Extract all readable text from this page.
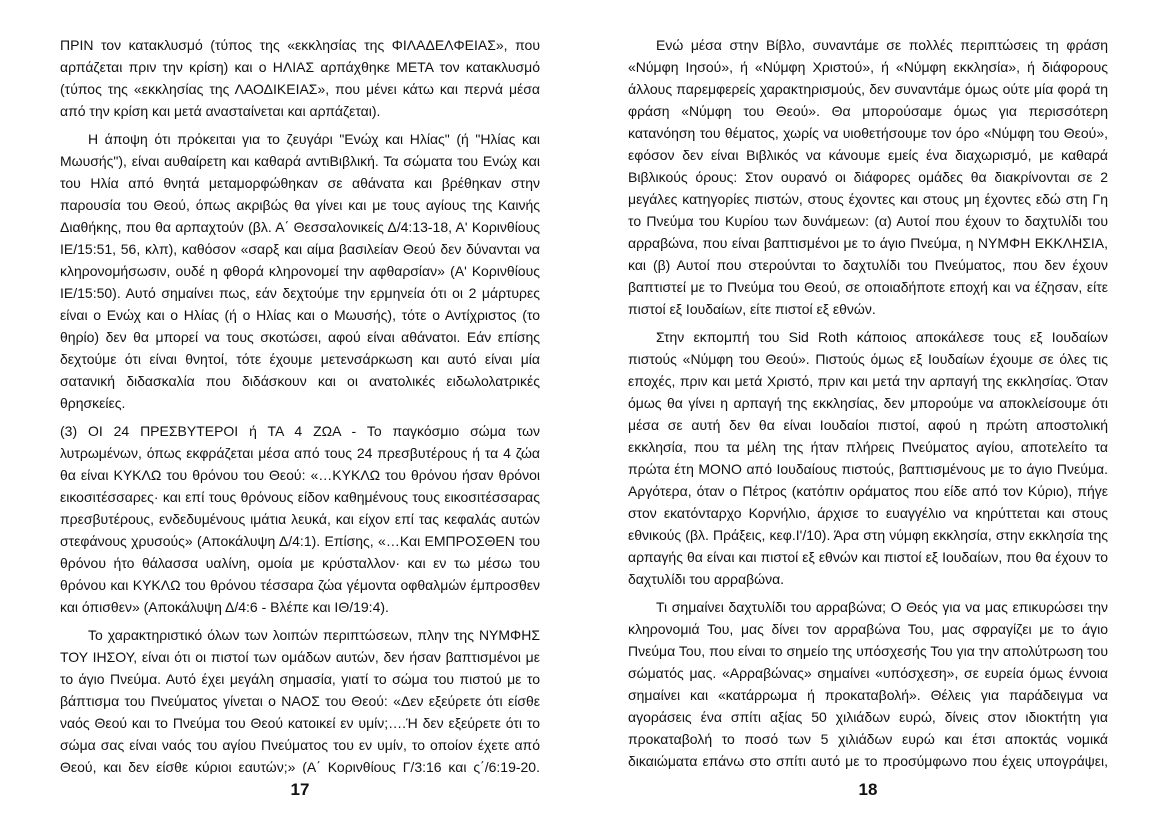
ΠΡΙΝ τον κατακλυσμό (τύπος της «εκκλησίας της ΦΙΛΑΔΕΛΦΕΙΑΣ», που αρπάζεται πριν την κρίση) και ο ΗΛΙΑΣ αρπάχθηκε ΜΕΤΑ τον κατακλυσμό (τύπος της «εκκλησίας της ΛΑΟΔΙΚΕΙΑΣ», που μένει κάτω και περνά μέσα από την κρίση και μετά ανασταίνεται και αρπάζεται).

Η άποψη ότι πρόκειται για το ζευγάρι "Ενώχ και Ηλίας" (ή "Ηλίας και Μωυσής"), είναι αυθαίρετη και καθαρά αντιΒιβλική. Τα σώματα του Ενώχ και του Ηλία από θνητά μεταμορφώθηκαν σε αθάνατα και βρέθηκαν στην παρουσία του Θεού, όπως ακριβώς θα γίνει και με τους αγίους της Καινής Διαθήκης, που θα αρπαχτούν (βλ. Α΄ Θεσσαλονικείς Δ/4:13-18, Α' Κορινθίους ΙΕ/15:51, 56, κλπ), καθόσον «σαρξ και αίμα βασιλείαν Θεού δεν δύνανται να κληρονομήσωσιν, ουδέ η φθορά κληρονομεί την αφθαρσίαν» (Α' Κορινθίους ΙΕ/15:50). Αυτό σημαίνει πως, εάν δεχτούμε την ερμηνεία ότι οι 2 μάρτυρες είναι ο Ενώχ και ο Ηλίας (ή ο Ηλίας και ο Μωυσής), τότε ο Αντίχριστος (το θηρίο) δεν θα μπορεί να τους σκοτώσει, αφού είναι αθάνατοι. Εάν επίσης δεχτούμε ότι είναι θνητοί, τότε έχουμε μετενσάρκωση και αυτό είναι μία σατανική διδασκαλία που διδάσκουν και οι ανατολικές ειδωλολατρικές θρησκείες.

(3) ΟΙ 24 ΠΡΕΣΒΥΤΕΡΟΙ ή ΤΑ 4 ΖΩΑ - Το παγκόσμιο σώμα των λυτρωμένων, όπως εκφράζεται μέσα από τους 24 πρεσβυτέρους ή τα 4 ζώα θα είναι ΚΥΚΛΩ του θρόνου του Θεού: «…ΚΥΚΛΩ του θρόνου ήσαν θρόνοι εικοσιτέσσαρες· και επί τους θρόνους είδον καθημένους τους εικοσιτέσσαρας πρεσβυτέρους, ενδεδυμένους ιμάτια λευκά, και είχον επί τας κεφαλάς αυτών στεφάνους χρυσούς» (Αποκάλυψη Δ/4:1). Επίσης, «…Και ΕΜΠΡΟΣΘΕΝ του θρόνου ήτο θάλασσα υαλίνη, ομοία με κρύσταλλον· και εν τω μέσω του θρόνου και ΚΥΚΛΩ του θρόνου τέσσαρα ζώα γέμοντα οφθαλμών έμπροσθεν και όπισθεν» (Αποκάλυψη Δ/4:6 - Βλέπε και ΙΘ/19:4).

Το χαρακτηριστικό όλων των λοιπών περιπτώσεων, πλην της ΝΥΜΦΗΣ ΤΟΥ ΙΗΣΟΥ, είναι ότι οι πιστοί των ομάδων αυτών, δεν ήσαν βαπτισμένοι με το άγιο Πνεύμα. Αυτό έχει μεγάλη σημασία, γιατί το σώμα του πιστού με το βάπτισμα του Πνεύματος γίνεται ο ΝΑΟΣ του Θεού: «Δεν εξεύρετε ότι είσθε ναός Θεού και το Πνεύμα του Θεού κατοικεί εν υμίν;….Ή δεν εξεύρετε ότι το σώμα σας είναι ναός του αγίου Πνεύματος του εν υμίν, το οποίον έχετε από Θεού, και δεν είσθε κύριοι εαυτών;» (Α΄ Κορινθίους Γ/3:16 και ς΄/6:19-20.

17

Ενώ μέσα στην Βίβλο, συναντάμε σε πολλές περιπτώσεις τη φράση «Νύμφη Ιησού», ή «Νύμφη Χριστού», ή «Νύμφη εκκλησία», ή διάφορους άλλους παρεμφερείς χαρακτηρισμούς, δεν συναντάμε όμως ούτε μία φορά τη φράση «Νύμφη του Θεού». Θα μπορούσαμε όμως για περισσότερη κατανόηση του θέματος, χωρίς να υιοθετήσουμε τον όρο «Νύμφη του Θεού», εφόσον δεν είναι Βιβλικός να κάνουμε εμείς ένα διαχωρισμό, με καθαρά Βιβλικούς όρους: Στον ουρανό οι διάφορες ομάδες θα διακρίνονται σε 2 μεγάλες κατηγορίες πιστών, στους έχοντες και στους μη έχοντες εδώ στη Γη το Πνεύμα του Κυρίου των δυνάμεων: (α) Αυτοί που έχουν το δαχτυλίδι του αρραβώνα, που είναι βαπτισμένοι με το άγιο Πνεύμα, η ΝΥΜΦΗ ΕΚΚΛΗΣΙΑ, και (β) Αυτοί που στερούνται το δαχτυλίδι του Πνεύματος, που δεν έχουν βαπτιστεί με το Πνεύμα του Θεού, σε οποιαδήποτε εποχή και να έζησαν, είτε πιστοί εξ Ιουδαίων, είτε πιστοί εξ εθνών.

Στην εκπομπή του Sid Roth κάποιος αποκάλεσε τους εξ Ιουδαίων πιστούς «Νύμφη του Θεού». Πιστούς όμως εξ Ιουδαίων έχουμε σε όλες τις εποχές, πριν και μετά Χριστό, πριν και μετά την αρπαγή της εκκλησίας. Όταν όμως θα γίνει η αρπαγή της εκκλησίας, δεν μπορούμε να αποκλείσουμε ότι μέσα σε αυτή δεν θα είναι Ιουδαίοι πιστοί, αφού η πρώτη αποστολική εκκλησία, που τα μέλη της ήταν πλήρεις Πνεύματος αγίου, αποτελείτο τα πρώτα έτη ΜΟΝΟ από Ιουδαίους πιστούς, βαπτισμένους με το άγιο Πνεύμα. Αργότερα, όταν ο Πέτρος (κατόπιν οράματος που είδε από τον Κύριο), πήγε στον εκατόνταρχο Κορνήλιο, άρχισε το ευαγγέλιο να κηρύττεται και στους εθνικούς (βλ. Πράξεις, κεφ.Ι'/10). Άρα στη νύμφη εκκλησία, στην εκκλησία της αρπαγής θα είναι και πιστοί εξ εθνών και πιστοί εξ Ιουδαίων, που θα έχουν το δαχτυλίδι του αρραβώνα.

Τι σημαίνει δαχτυλίδι του αρραβώνα; Ο Θεός για να μας επικυρώσει την κληρονομιά Του, μας δίνει τον αρραβώνα Του, μας σφραγίζει με το άγιο Πνεύμα Του, που είναι το σημείο της υπόσχεσής Του για την απολύτρωση του σώματός μας. «Αρραβώνας» σημαίνει «υπόσχεση», σε ευρεία όμως έννοια σημαίνει και «κατάρρωμα ή προκαταβολή». Θέλεις για παράδειγμα να αγοράσεις ένα σπίτι αξίας 50 χιλιάδων ευρώ, δίνεις στον ιδιοκτήτη για προκαταβολή το ποσό των 5 χιλιάδων ευρώ και έτσι αποκτάς νομικά δικαιώματα επάνω στο σπίτι αυτό με το προσύμφωνο που έχεις υπογράψει,

18
